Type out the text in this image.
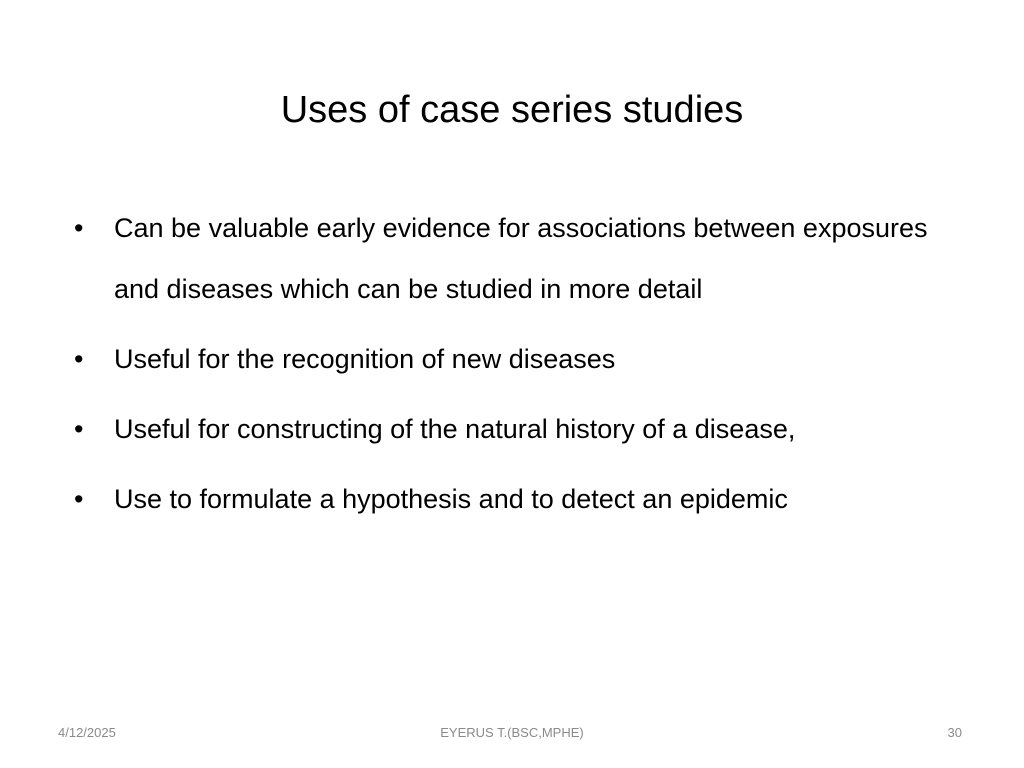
Uses of case series studies
• Can be valuable early evidence for associations between exposures and diseases which can be studied in more detail
• Useful for the recognition of new diseases
• Useful for constructing of the natural history of a disease,
• Use to formulate a hypothesis and to detect an epidemic
4/12/2025	EYERUS T.(BSC,MPHE)	30
